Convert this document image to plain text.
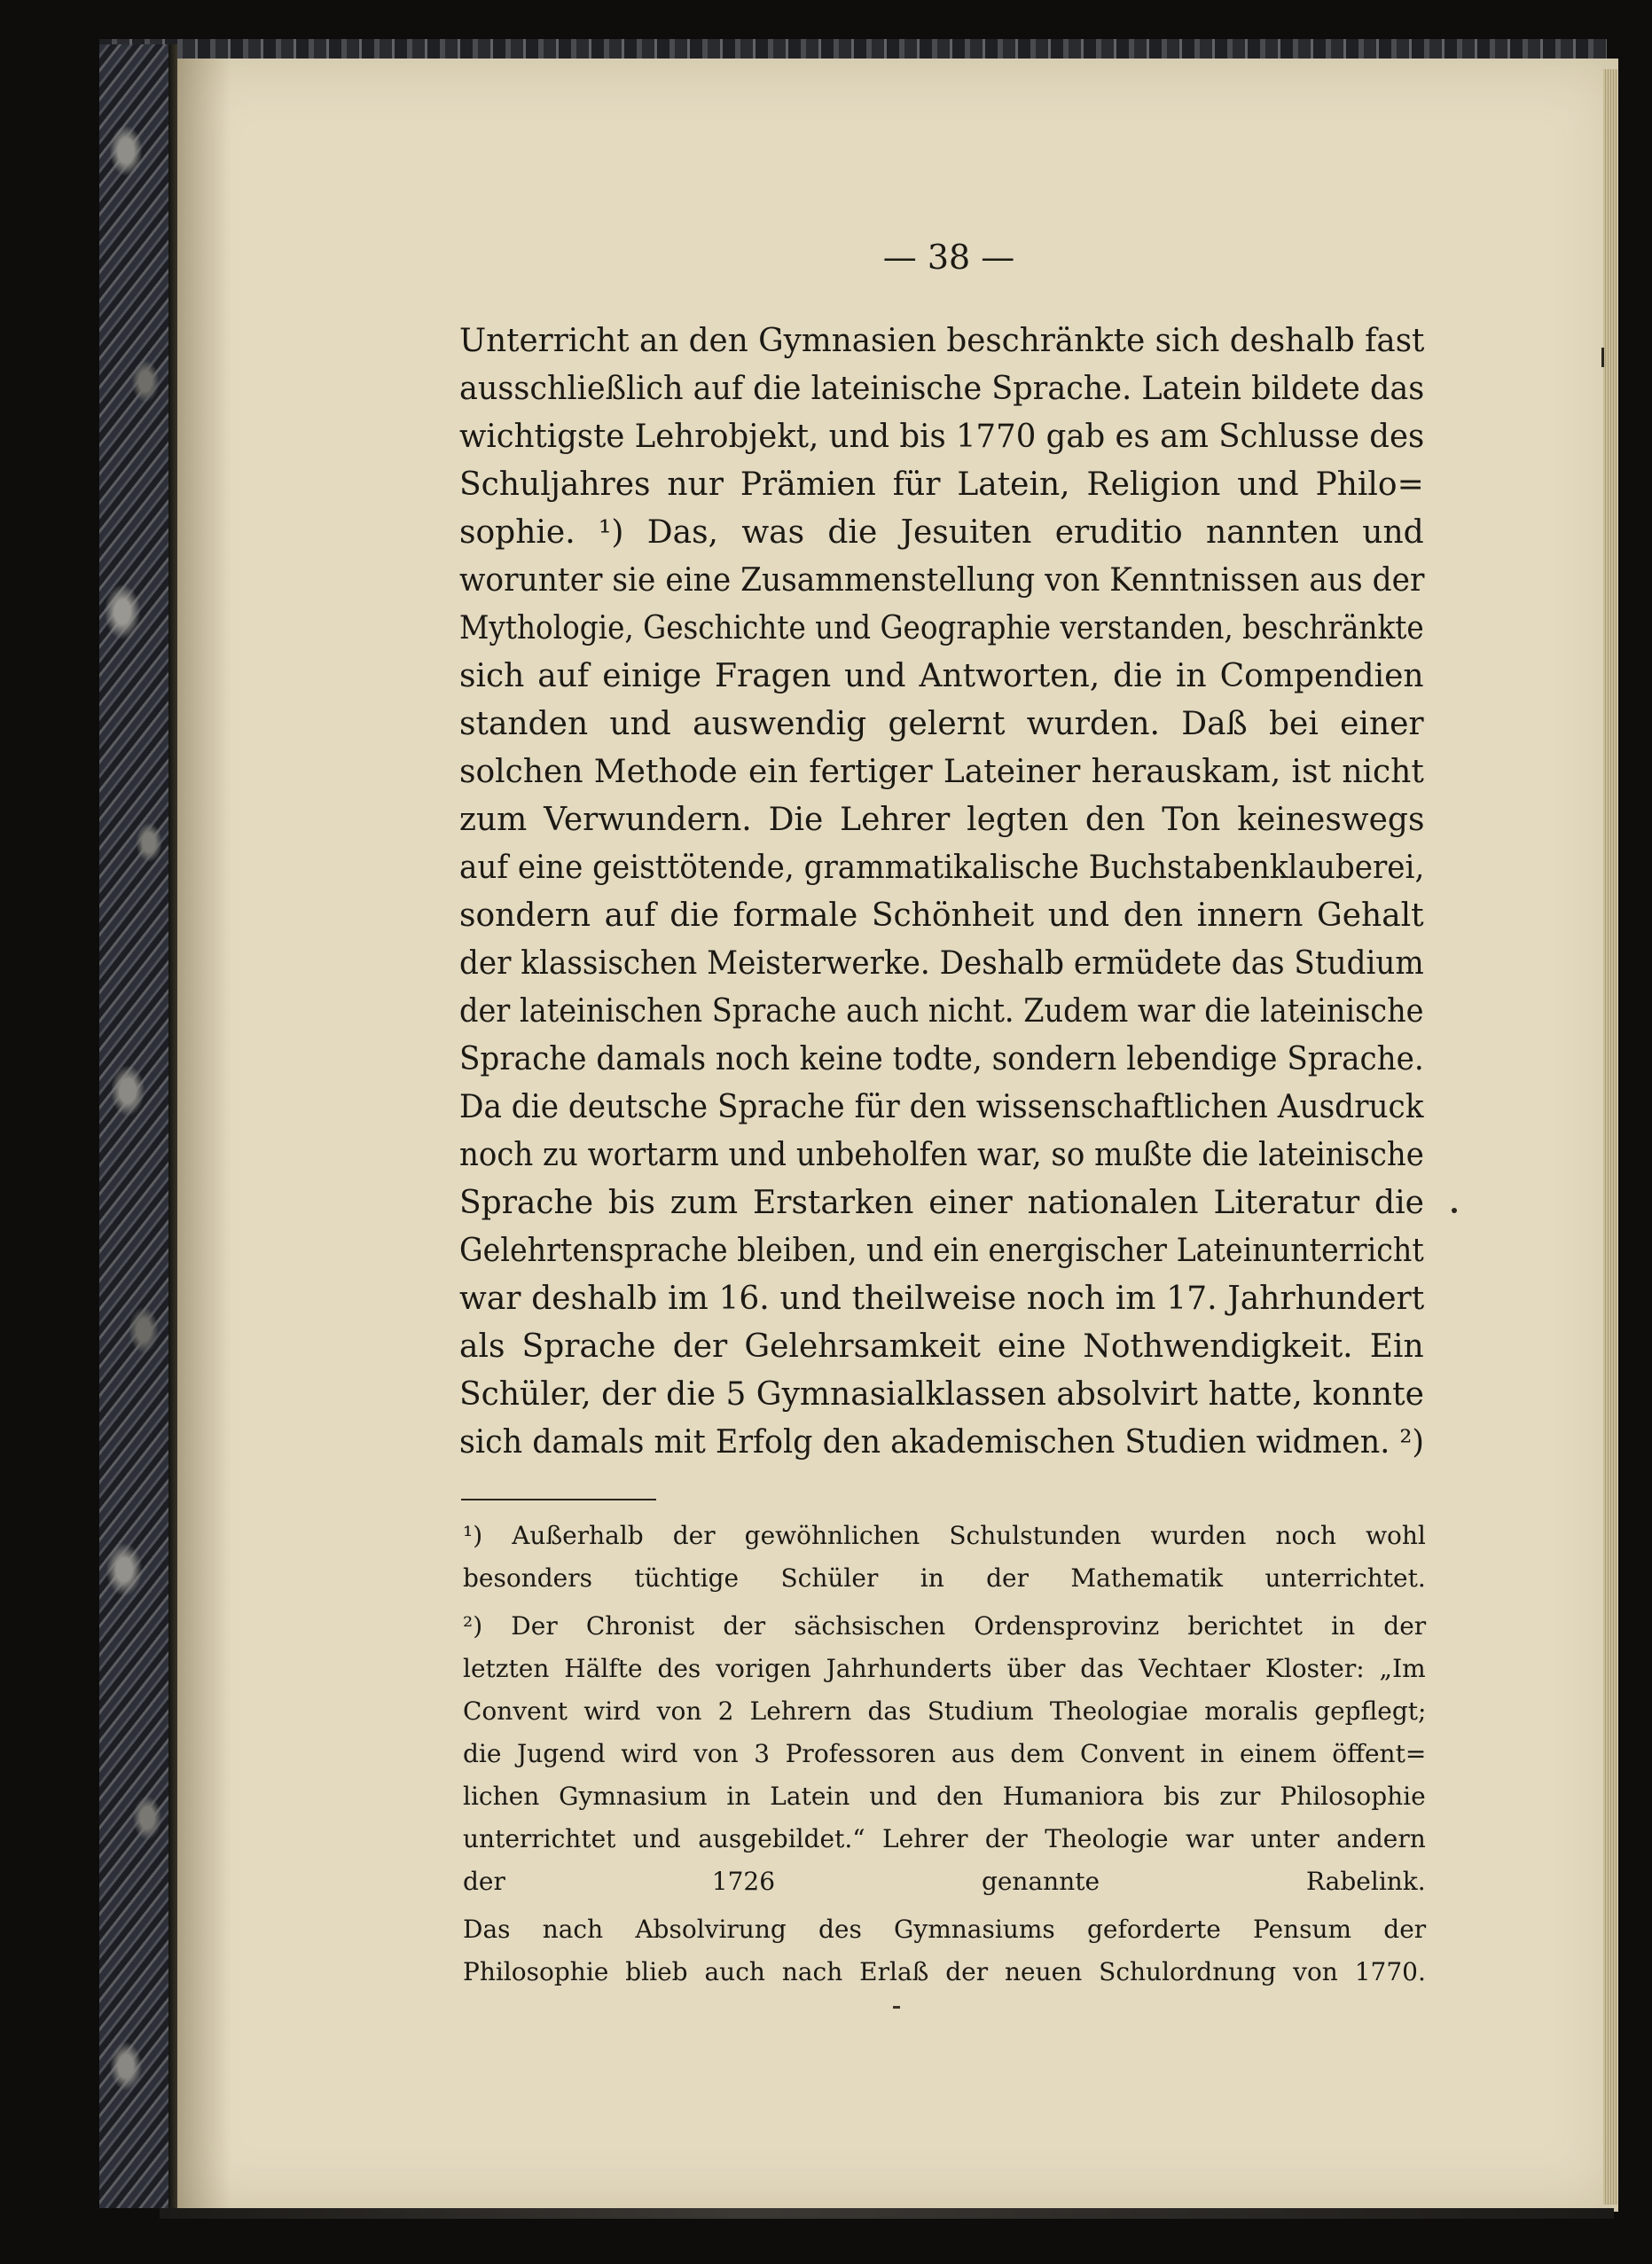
— 38 —
Unterricht an den Gymnasien beschränkte sich deshalb fast
ausschließlich auf die lateinische Sprache. Latein bildete das
wichtigste Lehrobjekt, und bis 1770 gab es am Schlusse des
Schuljahres nur Prämien für Latein, Religion und Philo=
sophie. ¹) Das, was die Jesuiten eruditio nannten und
worunter sie eine Zusammenstellung von Kenntnissen aus der
Mythologie, Geschichte und Geographie verstanden, beschränkte
sich auf einige Fragen und Antworten, die in Compendien
standen und auswendig gelernt wurden. Daß bei einer
solchen Methode ein fertiger Lateiner herauskam, ist nicht
zum Verwundern. Die Lehrer legten den Ton keineswegs
auf eine geisttötende, grammatikalische Buchstabenklauberei,
sondern auf die formale Schönheit und den innern Gehalt
der klassischen Meisterwerke. Deshalb ermüdete das Studium
der lateinischen Sprache auch nicht. Zudem war die lateinische
Sprache damals noch keine todte, sondern lebendige Sprache.
Da die deutsche Sprache für den wissenschaftlichen Ausdruck
noch zu wortarm und unbeholfen war, so mußte die lateinische
Sprache bis zum Erstarken einer nationalen Literatur die
Gelehrtensprache bleiben, und ein energischer Lateinunterricht
war deshalb im 16. und theilweise noch im 17. Jahrhundert
als Sprache der Gelehrsamkeit eine Nothwendigkeit. Ein
Schüler, der die 5 Gymnasialklassen absolvirt hatte, konnte
sich damals mit Erfolg den akademischen Studien widmen. ²)
¹) Außerhalb der gewöhnlichen Schulstunden wurden noch wohl
besonders tüchtige Schüler in der Mathematik unterrichtet.
²) Der Chronist der sächsischen Ordensprovinz berichtet in der
letzten Hälfte des vorigen Jahrhunderts über das Vechtaer Kloster: „Im
Convent wird von 2 Lehrern das Studium Theologiae moralis gepflegt;
die Jugend wird von 3 Professoren aus dem Convent in einem öffent=
lichen Gymnasium in Latein und den Humaniora bis zur Philosophie
unterrichtet und ausgebildet.“ Lehrer der Theologie war unter andern
der 1726 genannte Rabelink.
Das nach Absolvirung des Gymnasiums geforderte Pensum der
Philosophie blieb auch nach Erlaß der neuen Schulordnung von 1770.
